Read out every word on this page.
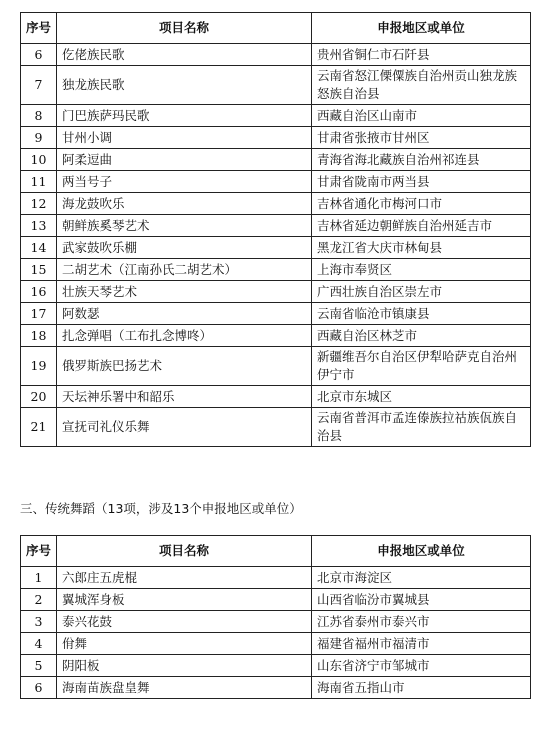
序号	项目名称	申报地区或单位
6	仡佬族民歌	贵州省铜仁市石阡县
7	独龙族民歌	云南省怒江傈僳族自治州贡山独龙族怒族自治县
8	门巴族萨玛民歌	西藏自治区山南市
9	甘州小调	甘肃省张掖市甘州区
10	阿柔逗曲	青海省海北藏族自治州祁连县
11	两当号子	甘肃省陇南市两当县
12	海龙鼓吹乐	吉林省通化市梅河口市
13	朝鲜族奚琴艺术	吉林省延边朝鲜族自治州延吉市
14	武家鼓吹乐棚	黑龙江省大庆市林甸县
15	二胡艺术（江南孙氏二胡艺术）	上海市奉贤区
16	壮族天琴艺术	广西壮族自治区崇左市
17	阿数瑟	云南省临沧市镇康县
18	扎念弹唱（工布扎念博咚）	西藏自治区林芝市
19	俄罗斯族巴扬艺术	新疆维吾尔自治区伊犁哈萨克自治州伊宁市
20	天坛神乐署中和韶乐	北京市东城区
21	宣抚司礼仪乐舞	云南省普洱市孟连傣族拉祜族佤族自治县
三、传统舞蹈（13项，涉及13个申报地区或单位）
序号	项目名称	申报地区或单位
1	六郎庄五虎棍	北京市海淀区
2	翼城浑身板	山西省临汾市翼城县
3	泰兴花鼓	江苏省泰州市泰兴市
4	佾舞	福建省福州市福清市
5	阴阳板	山东省济宁市邹城市
6	海南苗族盘皇舞	海南省五指山市
